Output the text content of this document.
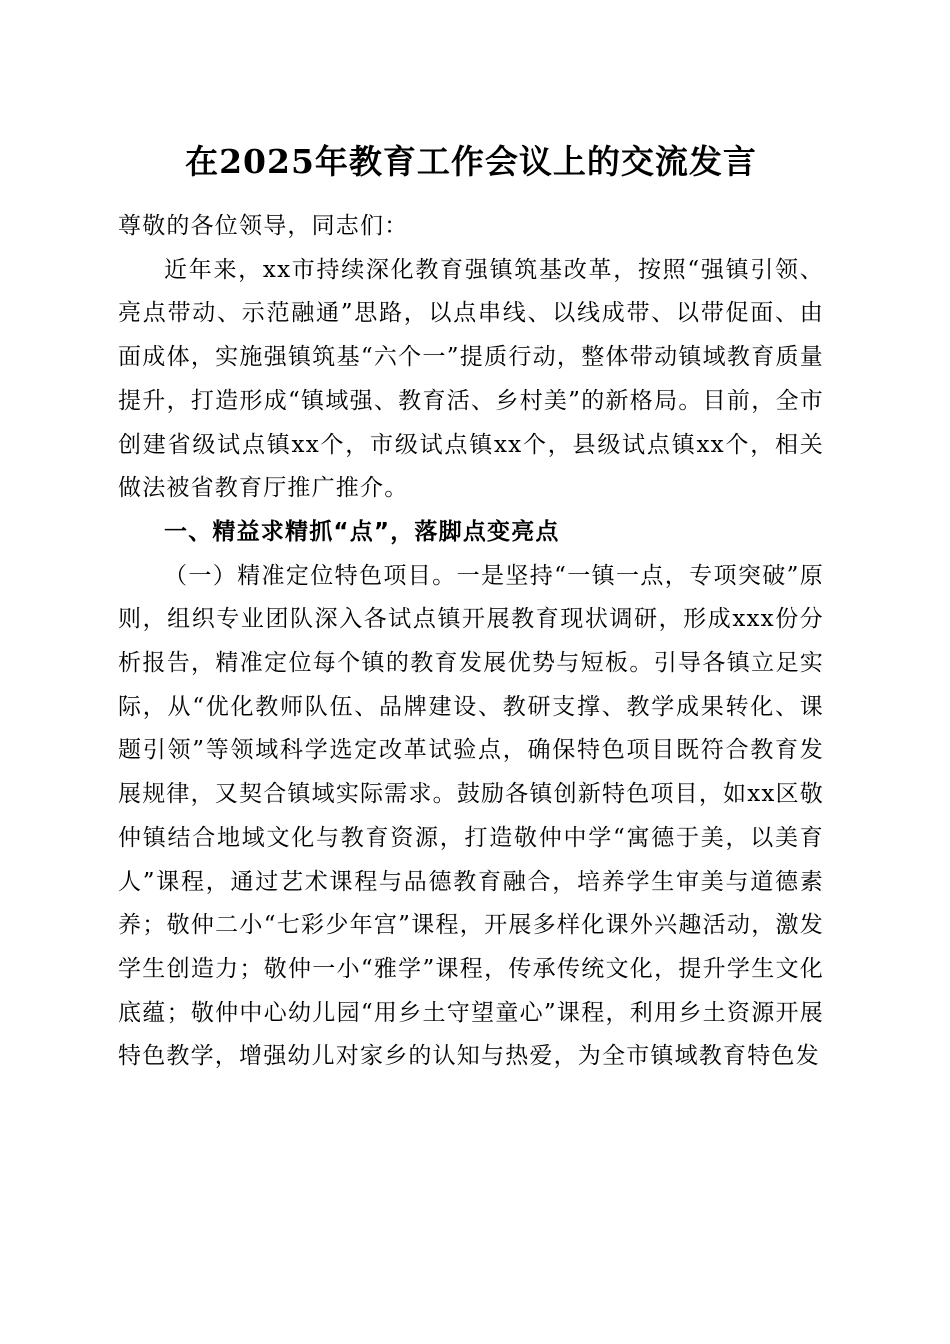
在2025年教育工作会议上的交流发言

尊敬的各位领导，同志们：

近年来，xx市持续深化教育强镇筑基改革，按照“强镇引领、亮点带动、示范融通”思路，以点串线、以线成带、以带促面、由面成体，实施强镇筑基“六个一”提质行动，整体带动镇域教育质量提升，打造形成“镇域强、教育活、乡村美”的新格局。目前，全市创建省级试点镇xx个，市级试点镇xx个，县级试点镇xx个，相关做法被省教育厅推广推介。

一、精益求精抓“点”，落脚点变亮点

（一）精准定位特色项目。一是坚持“一镇一点，专项突破”原则，组织专业团队深入各试点镇开展教育现状调研，形成xxx份分析报告，精准定位每个镇的教育发展优势与短板。引导各镇立足实际，从“优化教师队伍、品牌建设、教研支撑、教学成果转化、课题引领”等领域科学选定改革试验点，确保特色项目既符合教育发展规律，又契合镇域实际需求。鼓励各镇创新特色项目，如xx区敬仲镇结合地域文化与教育资源，打造敬仲中学“寓德于美，以美育人”课程，通过艺术课程与品德教育融合，培养学生审美与道德素养；敬仲二小“七彩少年宫”课程，开展多样化课外兴趣活动，激发学生创造力；敬仲一小“雅学”课程，传承传统文化，提升学生文化底蕴；敬仲中心幼儿园“用乡土守望童心”课程，利用乡土资源开展特色教学，增强幼儿对家乡的认知与热爱，为全市镇域教育特色发
